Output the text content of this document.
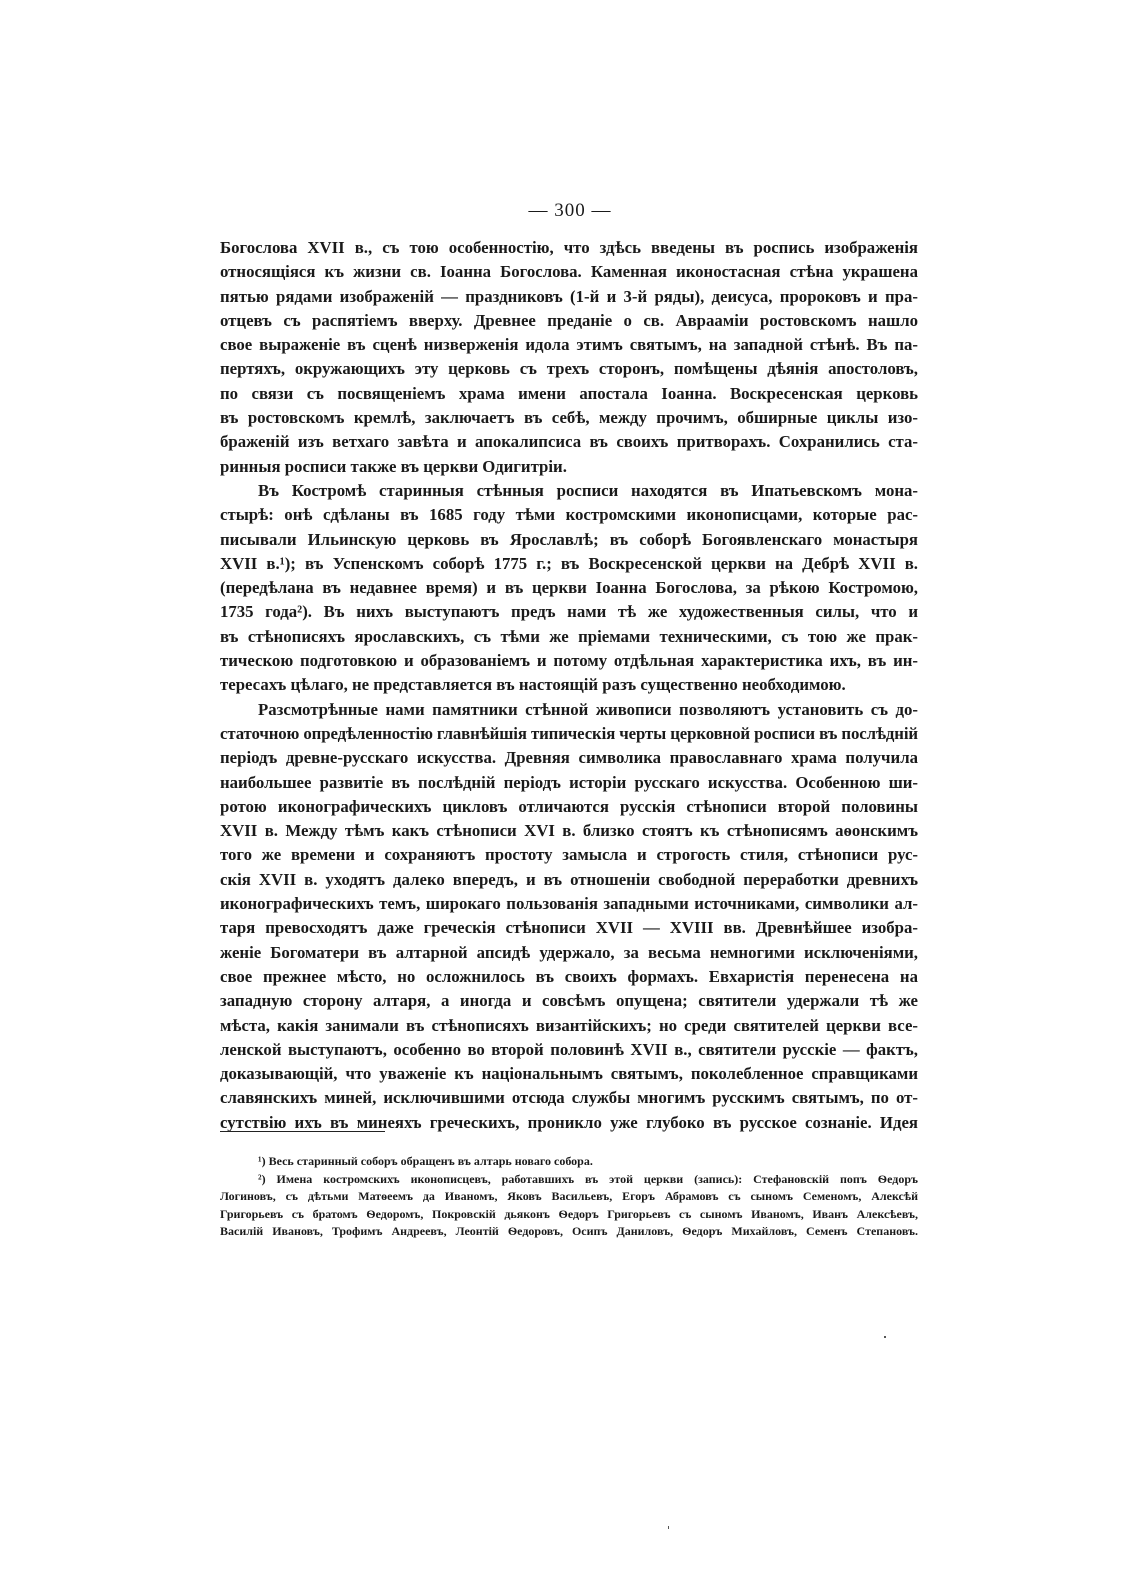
— 300 —
Богослова XVII в., съ тою особенностію, что здѣсь введены въ роспись изображенія
относящіяся къ жизни св. Іоанна Богослова. Каменная иконостасная стѣна украшена
пятью рядами изображеній — праздниковъ (1-й и 3-й ряды), деисуса, пророковъ и пра-
отцевъ съ распятіемъ вверху. Древнее преданіе о св. Авраамiи ростовскомъ нашло
свое выраженіе въ сценѣ низверженія идола этимъ святымъ, на западной стѣнѣ. Въ па-
пертяхъ, окружающихъ эту церковь съ трехъ сторонъ, помѣщены дѣянія апостоловъ,
по связи съ посвященіемъ храма имени апостала Іоанна. Воскресенская церковь
въ ростовскомъ кремлѣ, заключаетъ въ себѣ, между прочимъ, обширные циклы изо-
браженій изъ ветхаго завѣта и апокалипсиса въ своихъ притворахъ. Сохранились ста-
ринныя росписи также въ церкви Одигитріи.
Въ Костромѣ старинныя стѣнныя росписи находятся въ Ипатьевскомъ мона-
стырѣ: онѣ сдѣланы въ 1685 году тѣми костромскими иконописцами, которые рас-
писывали Ильинскую церковь въ Ярославлѣ; въ соборѣ Богоявленскаго монастыря
XVII в.¹); въ Успенскомъ соборѣ 1775 г.; въ Воскресенской церкви на Дебрѣ XVII в.
(передѣлана въ недавнее время) и въ церкви Іоанна Богослова, за рѣкою Костромою,
1735 года²). Въ нихъ выступаютъ предъ нами тѣ же художественныя силы, что и
въ стѣнописяхъ ярославскихъ, съ тѣми же пріемами техническими, съ тою же прак-
тическою подготовкою и образованіемъ и потому отдѣльная характеристика ихъ, въ ин-
тересахъ цѣлаго, не представляется въ настоящій разъ существенно необходимою.
Разсмотрѣнные нами памятники стѣнной живописи позволяютъ установить съ до-
статочною опредѣленностію главнѣйшія типическія черты церковной росписи въ послѣдній
періодъ древне-русскаго искусства. Древняя символика православнаго храма получила
наибольшее развитіе въ послѣдній періодъ исторіи русскаго искусства. Особенною ши-
ротою иконографическихъ цикловъ отличаются русскія стѣнописи второй половины
XVII в. Между тѣмъ какъ стѣнописи XVI в. близко стоятъ къ стѣнописямъ аѳонскимъ
того же времени и сохраняютъ простоту замысла и строгость стиля, стѣнописи рус-
скія XVII в. уходятъ далеко впередъ, и въ отношеніи свободной переработки древнихъ
иконографическихъ темъ, широкаго пользованія западными источниками, символики ал-
таря превосходятъ даже греческія стѣнописи XVII — XVIII вв. Древнѣйшее изобра-
женіе Богоматери въ алтарной апсидѣ удержало, за весьма немногими исключеніями,
свое прежнее мѣсто, но осложнилось въ своихъ формахъ. Евхаристія перенесена на
западную сторону алтаря, а иногда и совсѣмъ опущена; святители удержали тѣ же
мѣста, какія занимали въ стѣнописяхъ византійскихъ; но среди святителей церкви все-
ленской выступаютъ, особенно во второй половинѣ XVII в., святители русскіе — фактъ,
доказывающій, что уваженіе къ національнымъ святымъ, поколебленное справщиками
славянскихъ миней, исключившими отсюда службы многимъ русскимъ святымъ, по от-
сутствію ихъ въ минеяхъ греческихъ, проникло уже глубоко въ русское сознаніе. Идея
¹) Весь старинный соборъ обращенъ въ алтарь новаго собора.
²) Имена костромскихъ иконописцевъ, работавшихъ въ этой церкви (запись): Стефановскій попъ Ѳедоръ
Логиновъ, съ дѣтьми Матѳеемъ да Иваномъ, Яковъ Васильевъ, Егоръ Абрамовъ съ сыномъ Семеномъ, Алексѣй
Григорьевъ съ братомъ Ѳедоромъ, Покровскій дьяконъ Ѳедоръ Григорьевъ съ сыномъ Иваномъ, Иванъ Алексѣевъ,
Василій Ивановъ, Трофимъ Андреевъ, Леонтій Ѳедоровъ, Осипъ Даниловъ, Ѳедоръ Михайловъ, Семенъ Степановъ.
